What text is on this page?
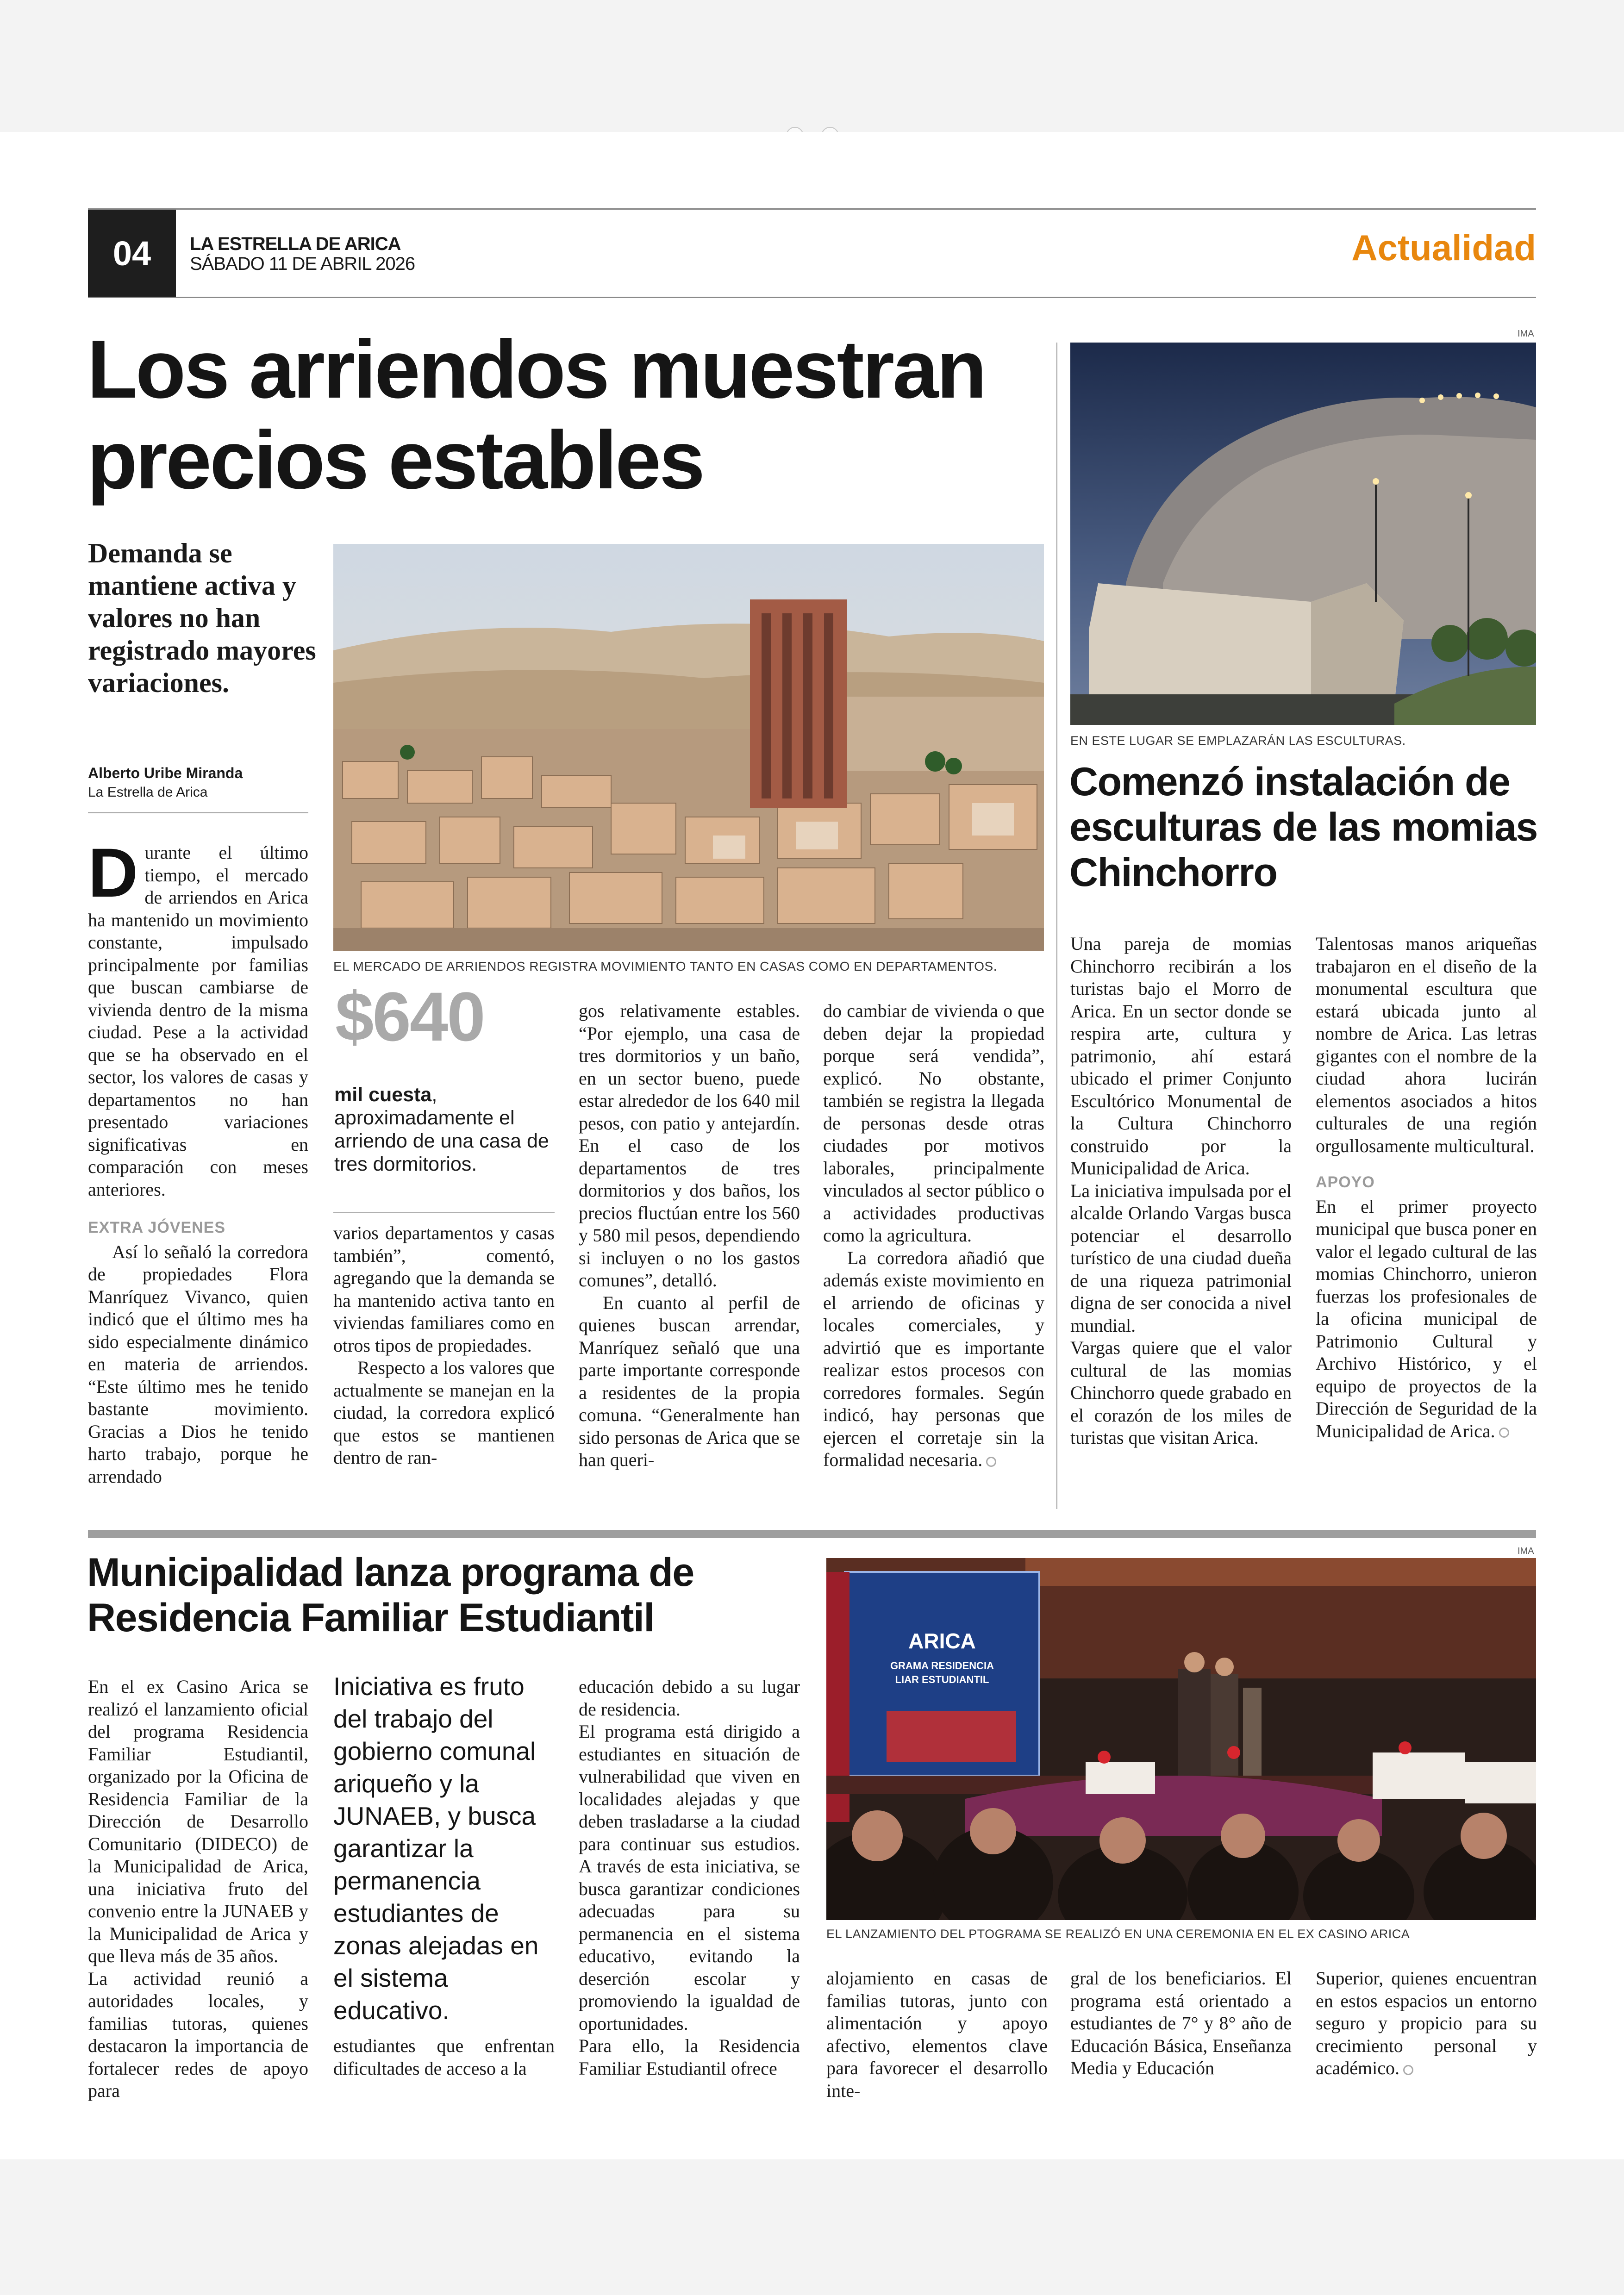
04	LA ESTRELLA DE ARICA
SÁBADO 11 DE ABRIL 2026	Actualidad
Los arriendos muestran
precios estables
Demanda se mantiene activa y valores no han registrado mayores variaciones.
Alberto Uribe Miranda
La Estrella de Arica
EL MERCADO DE ARRIENDOS REGISTRA MOVIMIENTO TANTO EN CASAS COMO EN DEPARTAMENTOS.

Durante el último tiempo, el mercado de arriendos en Arica ha mantenido un movimiento constante, impulsado principalmente por familias que buscan cambiarse de vivienda dentro de la misma ciudad. Pese a la actividad que se ha observado en el sector, los valores de casas y departamentos no han presentado variaciones significativas en comparación con meses anteriores.

EXTRA JÓVENES

Así lo señaló la corredora de propiedades Flora Manríquez Vivanco, quien indicó que el último mes ha sido especialmente dinámico en materia de arriendos. “Este último mes he tenido bastante movimiento. Gracias a Dios he tenido harto trabajo, porque he arrendado

$640
mil cuesta, aproximadamente el arriendo de una casa de tres dormitorios.

varios departamentos y casas también”, comentó, agregando que la demanda se ha mantenido activa tanto en viviendas familiares como en otros tipos de propiedades.

Respecto a los valores que actualmente se manejan en la ciudad, la corredora explicó que estos se mantienen dentro de ran-

gos relativamente estables. “Por ejemplo, una casa de tres dormitorios y un baño, en un sector bueno, puede estar alrededor de los 640 mil pesos, con patio y antejardín. En el caso de los departamentos de tres dormitorios y dos baños, los precios fluctúan entre los 560 y 580 mil pesos, dependiendo si incluyen o no los gastos comunes”, detalló.

En cuanto al perfil de quienes buscan arrendar, Manríquez señaló que una parte importante corresponde a residentes de la propia comuna. “Generalmente han sido personas de Arica que se han queri-

do cambiar de vivienda o que deben dejar la propiedad porque será vendida”, explicó. No obstante, también se registra la llegada de personas desde otras ciudades por motivos laborales, principalmente vinculados al sector público o a actividades productivas como la agricultura.

La corredora añadió que además existe movimiento en el arriendo de oficinas y locales comerciales, y advirtió que es importante realizar estos procesos con corredores formales. Según indicó, hay personas que ejercen el corretaje sin la formalidad necesaria.

IMA
EN ESTE LUGAR SE EMPLAZARÁN LAS ESCULTURAS.
Comenzó instalación de
esculturas de las momias
Chinchorro

Una pareja de momias Chinchorro recibirán a los turistas bajo el Morro de Arica. En un sector donde se respira arte, cultura y patrimonio, ahí estará ubicado el primer Conjunto Escultórico Monumental de la Cultura Chinchorro construido por la Municipalidad de Arica.

La iniciativa impulsada por el alcalde Orlando Vargas busca potenciar el desarrollo turístico de una ciudad dueña de una riqueza patrimonial digna de ser conocida a nivel mundial.

Vargas quiere que el valor cultural de las momias Chinchorro quede grabado en el corazón de los miles de turistas que visitan Arica.

Talentosas manos ariqueñas trabajaron en el diseño de la monumental escultura que estará ubicada junto al nombre de Arica. Las letras gigantes con el nombre de la ciudad ahora lucirán elementos asociados a hitos culturales de una región orgullosamente multicultural.

APOYO

En el primer proyecto municipal que busca poner en valor el legado cultural de las momias Chinchorro, unieron fuerzas los profesionales de la oficina municipal de Patrimonio Cultural y Archivo Histórico, y el equipo de proyectos de la Dirección de Seguridad de la Municipalidad de Arica.

Municipalidad lanza programa de
Residencia Familiar Estudiantil
IMA
ARICA
GRAMA RESIDENCIA
LIAR ESTUDIANTIL
EL LANZAMIENTO DEL PTOGRAMA SE REALIZÓ EN UNA CEREMONIA EN EL EX CASINO ARICA

En el ex Casino Arica se realizó el lanzamiento oficial del programa Residencia Familiar Estudiantil, organizado por la Oficina de Residencia Familiar de la Dirección de Desarrollo Comunitario (DIDECO) de la Municipalidad de Arica, una iniciativa fruto del convenio entre la JUNAEB y la Municipalidad de Arica y que lleva más de 35 años.

La actividad reunió a autoridades locales, y familias tutoras, quienes destacaron la importancia de fortalecer redes de apoyo para

Iniciativa es fruto del trabajo del gobierno comunal ariqueño y la JUNAEB, y busca garantizar la permanencia estudiantes de zonas alejadas en el sistema educativo.

estudiantes que enfrentan dificultades de acceso a la

educación debido a su lugar de residencia.

El programa está dirigido a estudiantes en situación de vulnerabilidad que viven en localidades alejadas y que deben trasladarse a la ciudad para continuar sus estudios. A través de esta iniciativa, se busca garantizar condiciones adecuadas para su permanencia en el sistema educativo, evitando la deserción escolar y promoviendo la igualdad de oportunidades.

Para ello, la Residencia Familiar Estudiantil ofrece

alojamiento en casas de familias tutoras, junto con alimentación y apoyo afectivo, elementos clave para favorecer el desarrollo inte-

gral de los beneficiarios. El programa está orientado a estudiantes de 7° y 8° año de Educación Básica, Enseñanza Media y Educación

Superior, quienes encuentran en estos espacios un entorno seguro y propicio para su crecimiento personal y académico.
